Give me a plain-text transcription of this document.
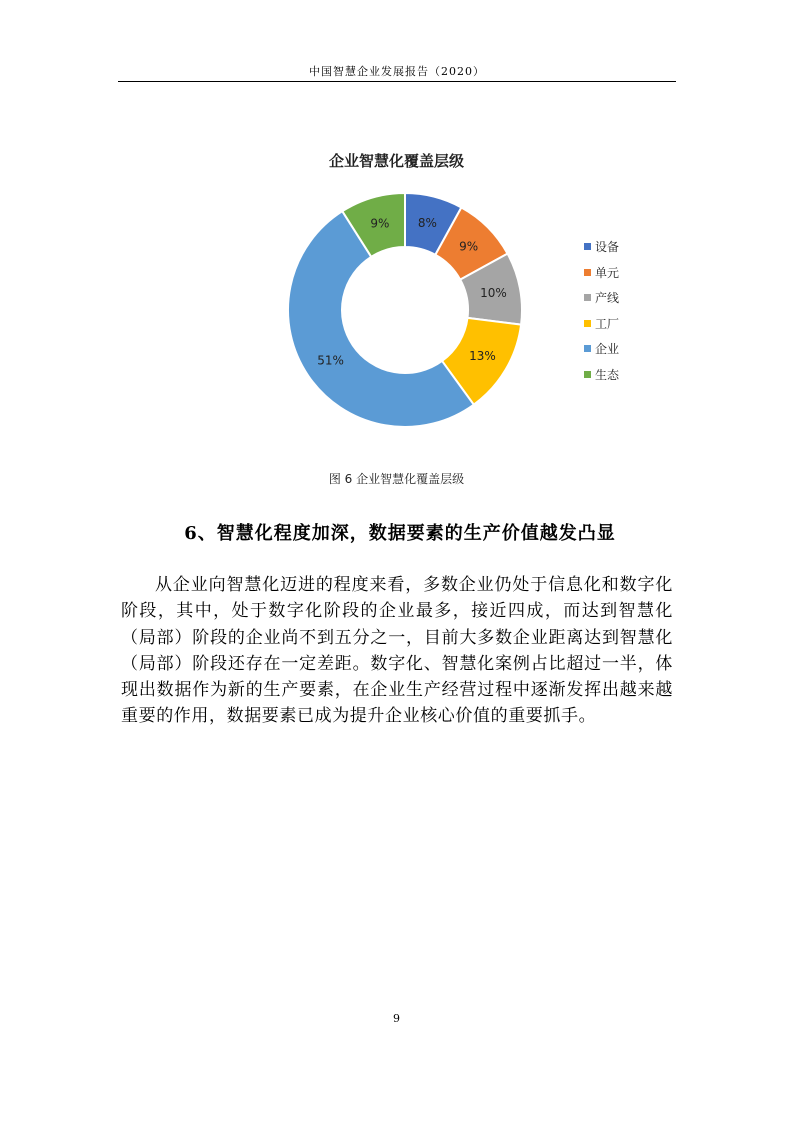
中国智慧企业发展报告（2020）
企业智慧化覆盖层级
8%
9%
10%
13%
51%
9%
设备
单元
产线
工厂
企业
生态
图 6 企业智慧化覆盖层级
6、智慧化程度加深，数据要素的生产价值越发凸显

从企业向智慧化迈进的程度来看，多数企业仍处于信息化和数字化阶段，其中，处于数字化阶段的企业最多，接近四成，而达到智慧化（局部）阶段的企业尚不到五分之一，目前大多数企业距离达到智慧化（局部）阶段还存在一定差距。数字化、智慧化案例占比超过一半，体现出数据作为新的生产要素，在企业生产经营过程中逐渐发挥出越来越重要的作用，数据要素已成为提升企业核心价值的重要抓手。

9
